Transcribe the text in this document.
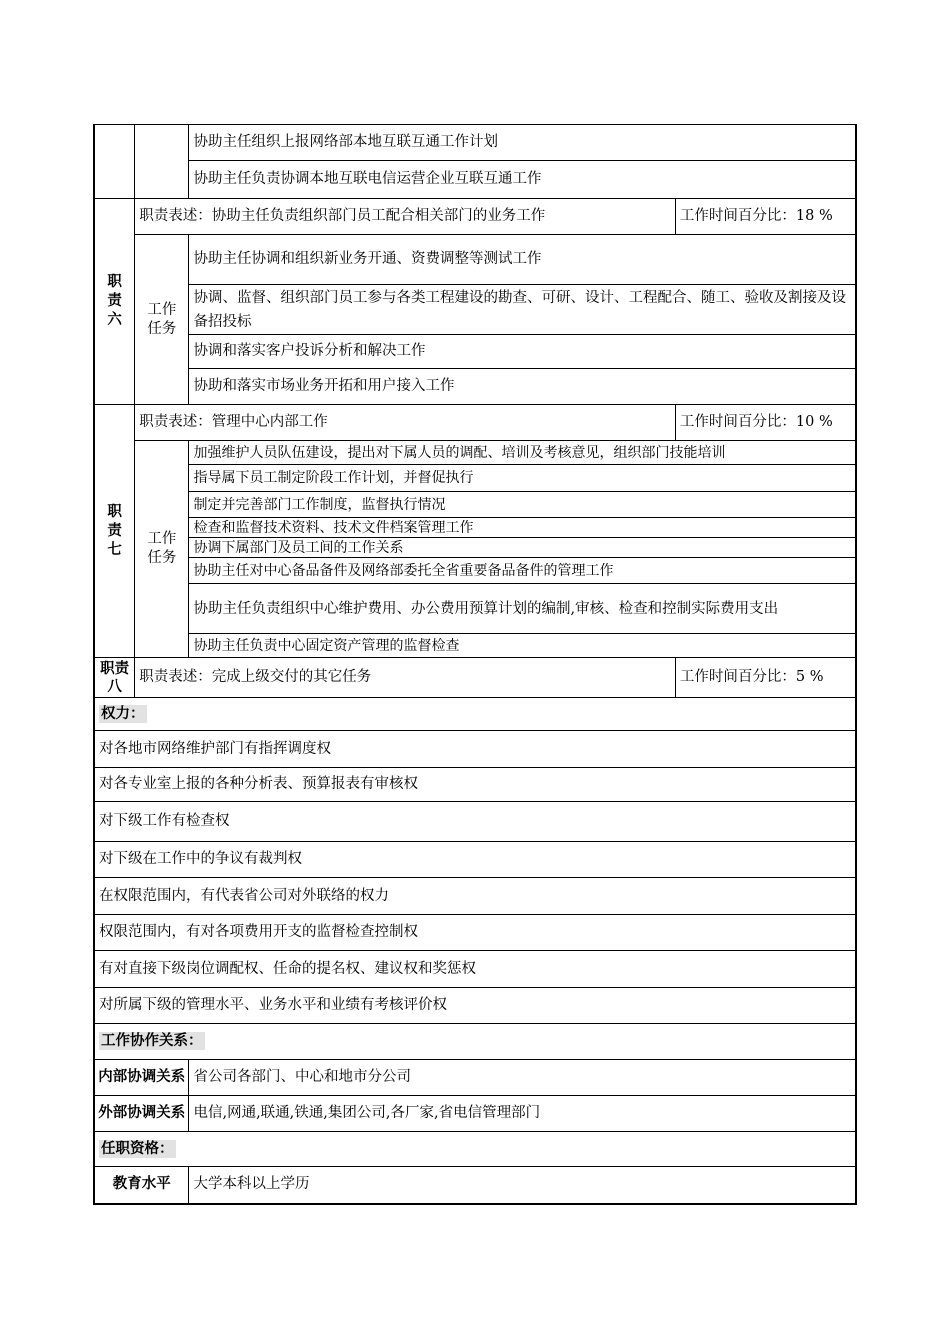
		协助主任组织上报网络部本地互联互通工作计划	
		协助主任负责协调本地互联电信运营企业互联互通工作	

职责六	职责表述：协助主任负责组织部门员工配合相关部门的业务工作		工作时间百分比：18 %

	工作任务	协助主任协调和组织新业务开通、资费调整等测试工作	
		协调、监督、组织部门员工参与各类工程建设的勘查、可研、设计、工程配合、随工、验收及割接及设备招投标	
		协调和落实客户投诉分析和解决工作	
		协助和落实市场业务开拓和用户接入工作	

职责七	职责表述：管理中心内部工作		工作时间百分比：10 %

	工作任务	加强维护人员队伍建设，提出对下属人员的调配、培训及考核意见，组织部门技能培训	
		指导属下员工制定阶段工作计划，并督促执行	
		制定并完善部门工作制度，监督执行情况	
		检查和监督技术资料、技术文件档案管理工作	
		协调下属部门及员工间的工作关系	
		协助主任对中心备品备件及网络部委托全省重要备品备件的管理工作	
		协助主任负责组织中心维护费用、办公费用预算计划的编制,审核、检查和控制实际费用支出	
		协助主任负责中心固定资产管理的监督检查	

职责八	职责表述：完成上级交付的其它任务		工作时间百分比：5 %
权力：			
对各地市网络维护部门有指挥调度权			
对各专业室上报的各种分析表、预算报表有审核权			
对下级工作有检查权			
对下级在工作中的争议有裁判权			
在权限范围内，有代表省公司对外联络的权力			
权限范围内，有对各项费用开支的监督检查控制权			
有对直接下级岗位调配权、任命的提名权、建议权和奖惩权			
对所属下级的管理水平、业务水平和业绩有考核评价权			
工作协作关系：			
内部协调关系		省公司各部门、中心和地市分公司	
外部协调关系		电信,网通,联通,铁通,集团公司,各厂家,省电信管理部门	
任职资格：			
教育水平		大学本科以上学历	
